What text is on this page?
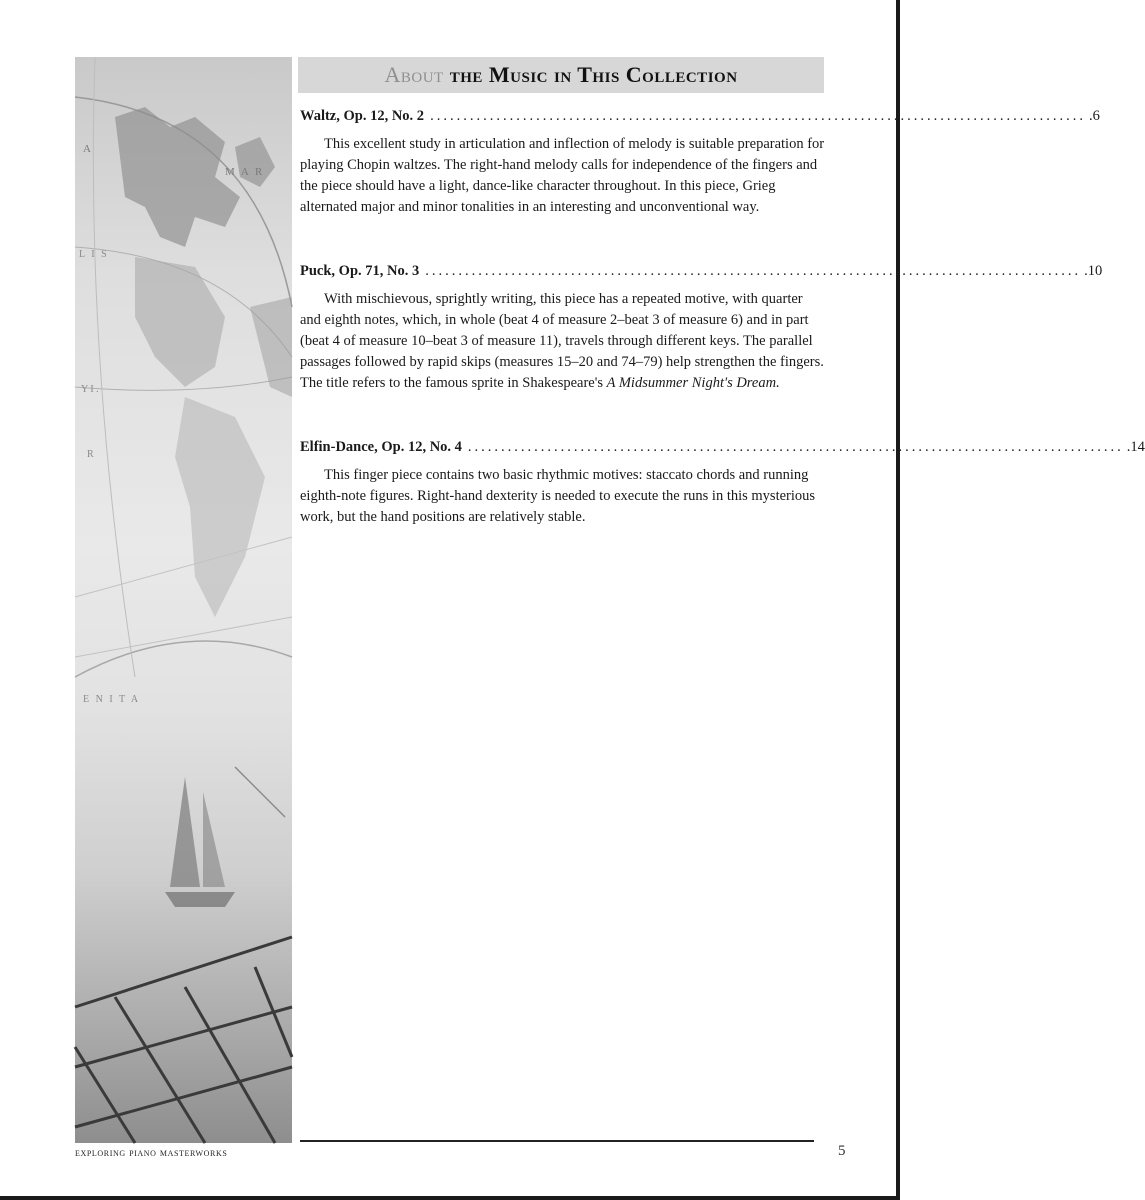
A
M A R
L I S
Y I .
R
E N I T A
About the Music in This Collection
Waltz, Op. 12, No. 2 ................................................................................................... .6

This excellent study in articulation and inflection of melody is suitable preparation for playing Chopin waltzes. The right-hand melody calls for independence of the fingers and the piece should have a light, dance-like character throughout. In this piece, Grieg alternated major and minor tonalities in an interesting and unconventional way.

Puck, Op. 71, No. 3 ................................................................................................... .10

With mischievous, sprightly writing, this piece has a repeated motive, with quarter and eighth notes, which, in whole (beat 4 of measure 2–beat 3 of measure 6) and in part (beat 4 of measure 10–beat 3 of measure 11), travels through different keys. The parallel passages followed by rapid skips (measures 15–20 and 74–79) help strengthen the fingers. The title refers to the famous sprite in Shakespeare's A Midsummer Night's Dream.

Elfin-Dance, Op. 12, No. 4 ................................................................................................... .14

This finger piece contains two basic rhythmic motives: staccato chords and running eighth-note figures. Right-hand dexterity is needed to execute the runs in this mysterious work, but the hand positions are relatively stable.

exploring piano masterworks	5
